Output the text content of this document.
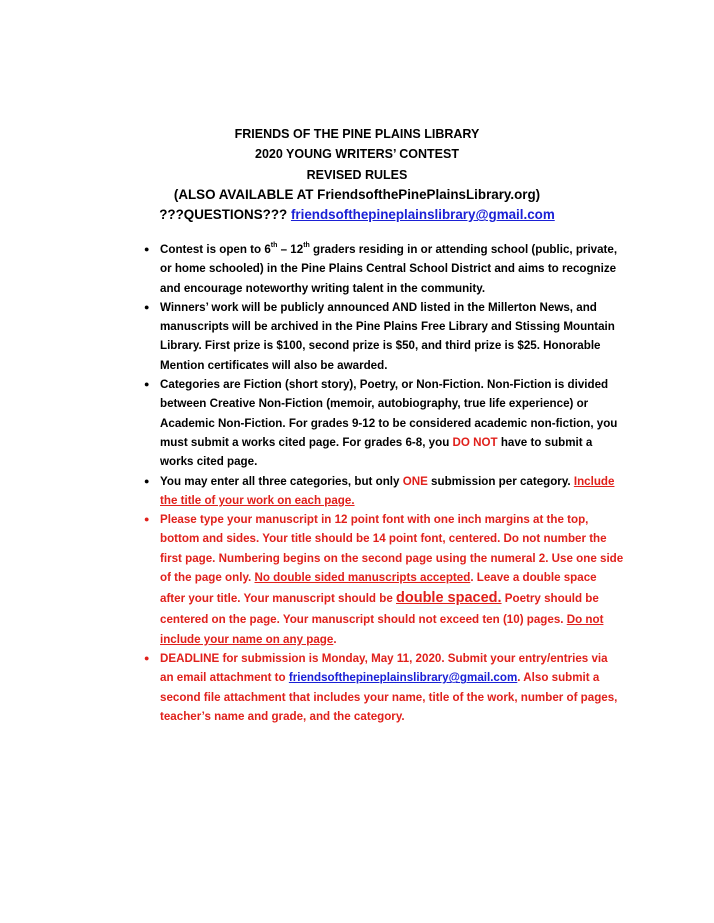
FRIENDS OF THE PINE PLAINS LIBRARY
2020 YOUNG WRITERS’ CONTEST
REVISED RULES
(ALSO AVAILABLE AT FriendsofthePinePlainsLibrary.org)
???QUESTIONS??? friendsofthepineplainslibrary@gmail.com
● Contest is open to 6th – 12th graders residing in or attending school (public, private,
or home schooled) in the Pine Plains Central School District and aims to recognize
and encourage noteworthy writing talent in the community.
● Winners’ work will be publicly announced AND listed in the Millerton News, and
manuscripts will be archived in the Pine Plains Free Library and Stissing Mountain
Library. First prize is $100, second prize is $50, and third prize is $25. Honorable
Mention certificates will also be awarded.
● Categories are Fiction (short story), Poetry, or Non-Fiction. Non-Fiction is divided
between Creative Non-Fiction (memoir, autobiography, true life experience) or
Academic Non-Fiction. For grades 9-12 to be considered academic non-fiction, you
must submit a works cited page. For grades 6-8, you DO NOT have to submit a
works cited page.
● You may enter all three categories, but only ONE submission per category. Include
the title of your work on each page.
● Please type your manuscript in 12 point font with one inch margins at the top,
bottom and sides. Your title should be 14 point font, centered. Do not number the
first page. Numbering begins on the second page using the numeral 2. Use one side
of the page only. No double sided manuscripts accepted. Leave a double space
after your title. Your manuscript should be double spaced. Poetry should be
centered on the page. Your manuscript should not exceed ten (10) pages. Do not
include your name on any page.
● DEADLINE for submission is Monday, May 11, 2020. Submit your entry/entries via
an email attachment to friendsofthepineplainslibrary@gmail.com. Also submit a
second file attachment that includes your name, title of the work, number of pages,
teacher’s name and grade, and the category.
